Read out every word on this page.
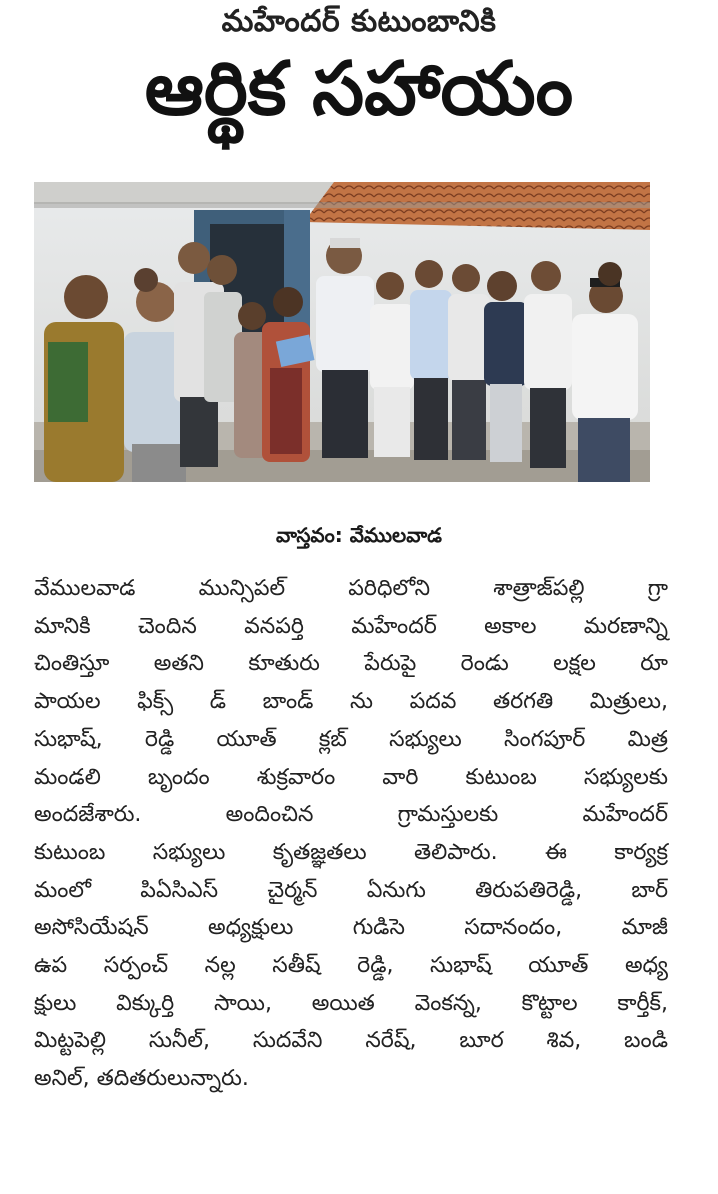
మహేందర్ కుటుంబానికి
ఆర్థిక సహాయం
వాస్తవం: వేములవాడ
వేములవాడ మున్సిపల్ పరిధిలోని శాత్రాజ్‌పల్లి గ్రా
మానికి చెందిన వనపర్తి మహేందర్ అకాల మరణాన్ని
చింతిస్తూ అతని కూతురు పేరుపై రెండు లక్షల రూ
పాయల ఫిక్స్ డ్ బాండ్ ను పదవ తరగతి మిత్రులు,
సుభాష్, రెడ్డి యూత్ క్లబ్ సభ్యులు సింగపూర్ మిత్ర
మండలి బృందం శుక్రవారం వారి కుటుంబ సభ్యులకు
అందజేశారు. అందించిన గ్రామస్తులకు మహేందర్
కుటుంబ సభ్యులు కృతజ్ఞతలు తెలిపారు. ఈ కార్యక్ర
మంలో పిఏసిఎస్ చైర్మన్ ఏనుగు తిరుపతిరెడ్డి, బార్
అసోసియేషన్ అధ్యక్షులు గుడిసె సదానందం, మాజీ
ఉప సర్పంచ్ నల్ల సతీష్ రెడ్డి, సుభాష్ యూత్ అధ్య
క్షులు విక్కుర్తి సాయి, అయిత వెంకన్న, కొట్టాల కార్తీక్,
మిట్టపెల్లి సునీల్, సుదవేని నరేష్, బూర శివ, బండి
అనిల్, తదితరులున్నారు.
